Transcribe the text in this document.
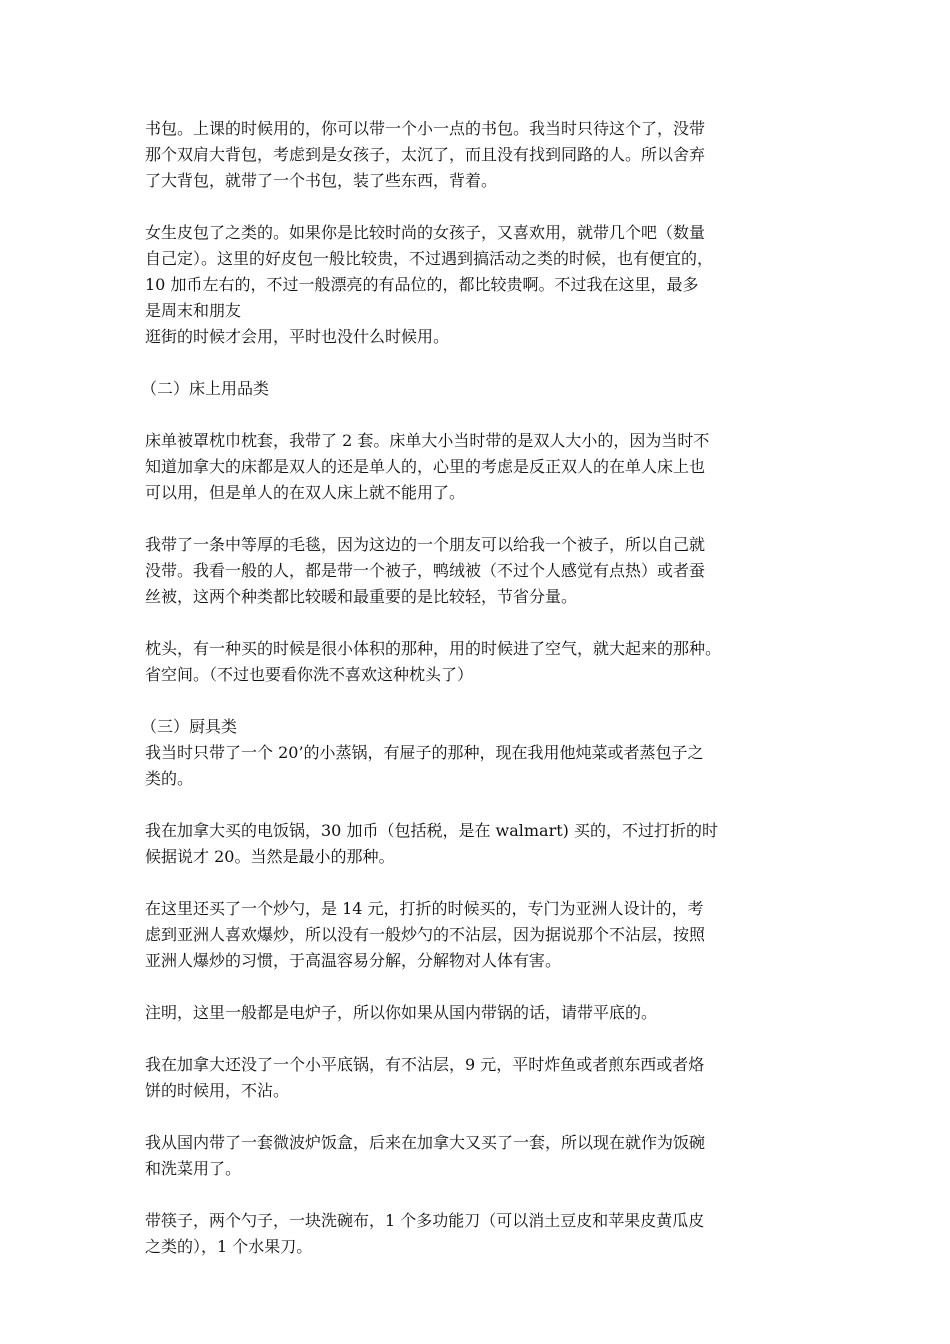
书包。上课的时候用的，你可以带一个小一点的书包。我当时只待这个了，没带
那个双肩大背包，考虑到是女孩子，太沉了，而且没有找到同路的人。所以舍弃
了大背包，就带了一个书包，装了些东西，背着。

女生皮包了之类的。如果你是比较时尚的女孩子，又喜欢用，就带几个吧（数量
自己定）。这里的好皮包一般比较贵，不过遇到搞活动之类的时候，也有便宜的，
10 加币左右的，不过一般漂亮的有品位的，都比较贵啊。不过我在这里，最多
是周末和朋友
逛街的时候才会用，平时也没什么时候用。

（二）床上用品类

床单被罩枕巾枕套，我带了 2 套。床单大小当时带的是双人大小的，因为当时不
知道加拿大的床都是双人的还是单人的，心里的考虑是反正双人的在单人床上也
可以用，但是单人的在双人床上就不能用了。

我带了一条中等厚的毛毯，因为这边的一个朋友可以给我一个被子，所以自己就
没带。我看一般的人，都是带一个被子，鸭绒被（不过个人感觉有点热）或者蚕
丝被，这两个种类都比较暖和最重要的是比较轻，节省分量。

枕头，有一种买的时候是很小体积的那种，用的时候进了空气，就大起来的那种。
省空间。（不过也要看你洗不喜欢这种枕头了）

（三）厨具类

我当时只带了一个 20’的小蒸锅，有屉子的那种，现在我用他炖菜或者蒸包子之
类的。

我在加拿大买的电饭锅，30 加币（包括税，是在 walmart) 买的，不过打折的时
候据说才 20。当然是最小的那种。

在这里还买了一个炒勺，是 14 元，打折的时候买的，专门为亚洲人设计的，考
虑到亚洲人喜欢爆炒，所以没有一般炒勺的不沾层，因为据说那个不沾层，按照
亚洲人爆炒的习惯，于高温容易分解，分解物对人体有害。

注明，这里一般都是电炉子，所以你如果从国内带锅的话，请带平底的。

我在加拿大还没了一个小平底锅，有不沾层，9 元，平时炸鱼或者煎东西或者烙
饼的时候用，不沾。

我从国内带了一套微波炉饭盒，后来在加拿大又买了一套，所以现在就作为饭碗
和洗菜用了。

带筷子，两个勺子，一块洗碗布，1 个多功能刀（可以消土豆皮和苹果皮黄瓜皮
之类的），1 个水果刀。
